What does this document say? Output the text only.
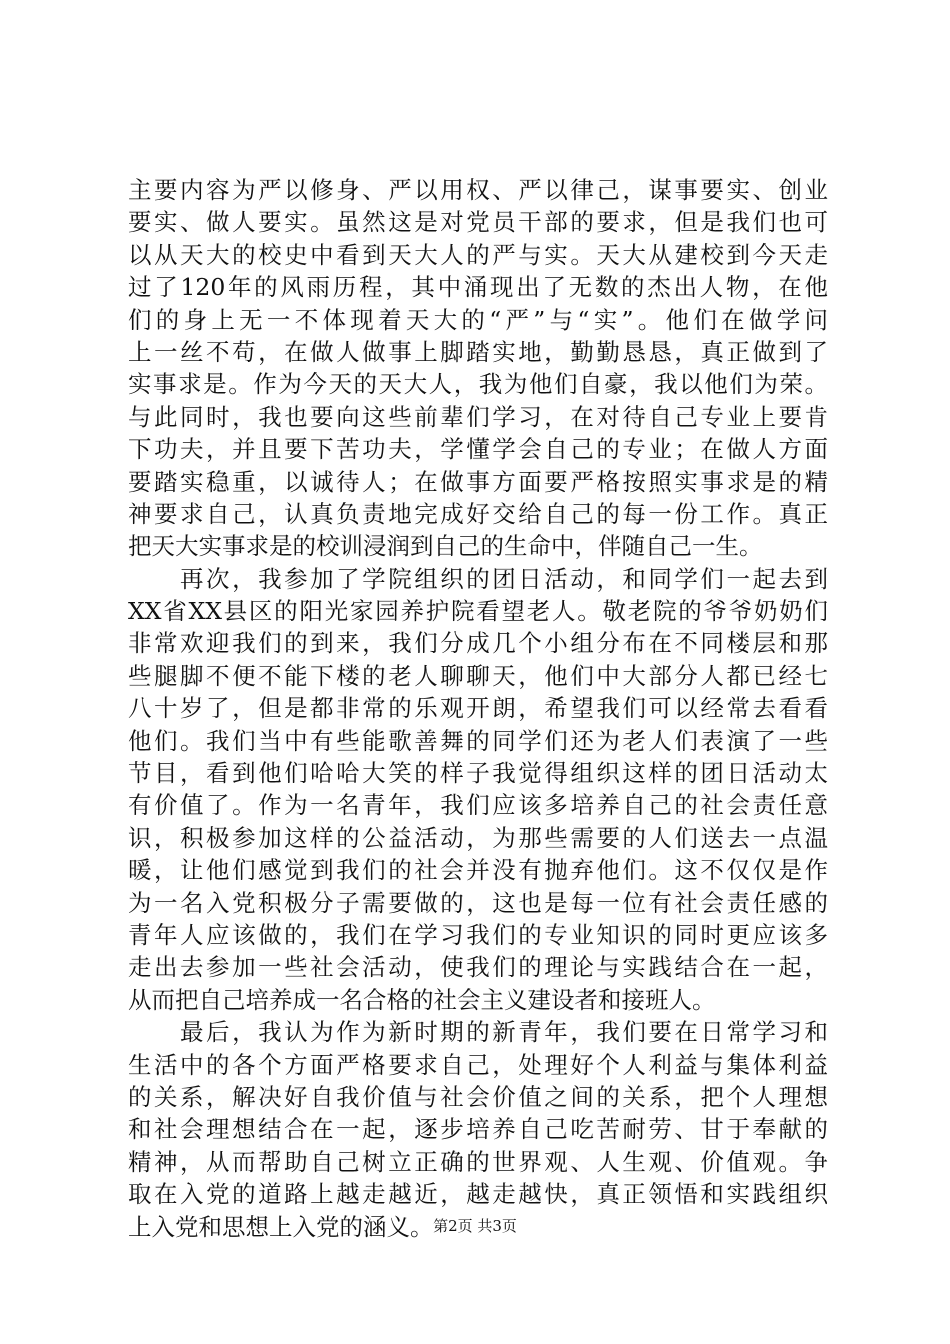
主要内容为严以修身、严以用权、严以律己，谋事要实、创业
要实、做人要实。虽然这是对党员干部的要求，但是我们也可
以从天大的校史中看到天大人的严与实。天大从建校到今天走
过了120年的风雨历程，其中涌现出了无数的杰出人物，在他
们的身上无一不体现着天大的“严”与“实”。他们在做学问
上一丝不苟，在做人做事上脚踏实地，勤勤恳恳，真正做到了
实事求是。作为今天的天大人，我为他们自豪，我以他们为荣。
与此同时，我也要向这些前辈们学习，在对待自己专业上要肯
下功夫，并且要下苦功夫，学懂学会自己的专业；在做人方面
要踏实稳重，以诚待人；在做事方面要严格按照实事求是的精
神要求自己，认真负责地完成好交给自己的每一份工作。真正
把天大实事求是的校训浸润到自己的生命中，伴随自己一生。
　　再次，我参加了学院组织的团日活动，和同学们一起去到
XX省XX县区的阳光家园养护院看望老人。敬老院的爷爷奶奶们
非常欢迎我们的到来，我们分成几个小组分布在不同楼层和那
些腿脚不便不能下楼的老人聊聊天，他们中大部分人都已经七
八十岁了，但是都非常的乐观开朗，希望我们可以经常去看看
他们。我们当中有些能歌善舞的同学们还为老人们表演了一些
节目，看到他们哈哈大笑的样子我觉得组织这样的团日活动太
有价值了。作为一名青年，我们应该多培养自己的社会责任意
识，积极参加这样的公益活动，为那些需要的人们送去一点温
暖，让他们感觉到我们的社会并没有抛弃他们。这不仅仅是作
为一名入党积极分子需要做的，这也是每一位有社会责任感的
青年人应该做的，我们在学习我们的专业知识的同时更应该多
走出去参加一些社会活动，使我们的理论与实践结合在一起，
从而把自己培养成一名合格的社会主义建设者和接班人。
　　最后，我认为作为新时期的新青年，我们要在日常学习和
生活中的各个方面严格要求自己，处理好个人利益与集体利益
的关系，解决好自我价值与社会价值之间的关系，把个人理想
和社会理想结合在一起，逐步培养自己吃苦耐劳、甘于奉献的
精神，从而帮助自己树立正确的世界观、人生观、价值观。争
取在入党的道路上越走越近，越走越快，真正领悟和实践组织
上入党和思想上入党的涵义。 第2页 共3页
